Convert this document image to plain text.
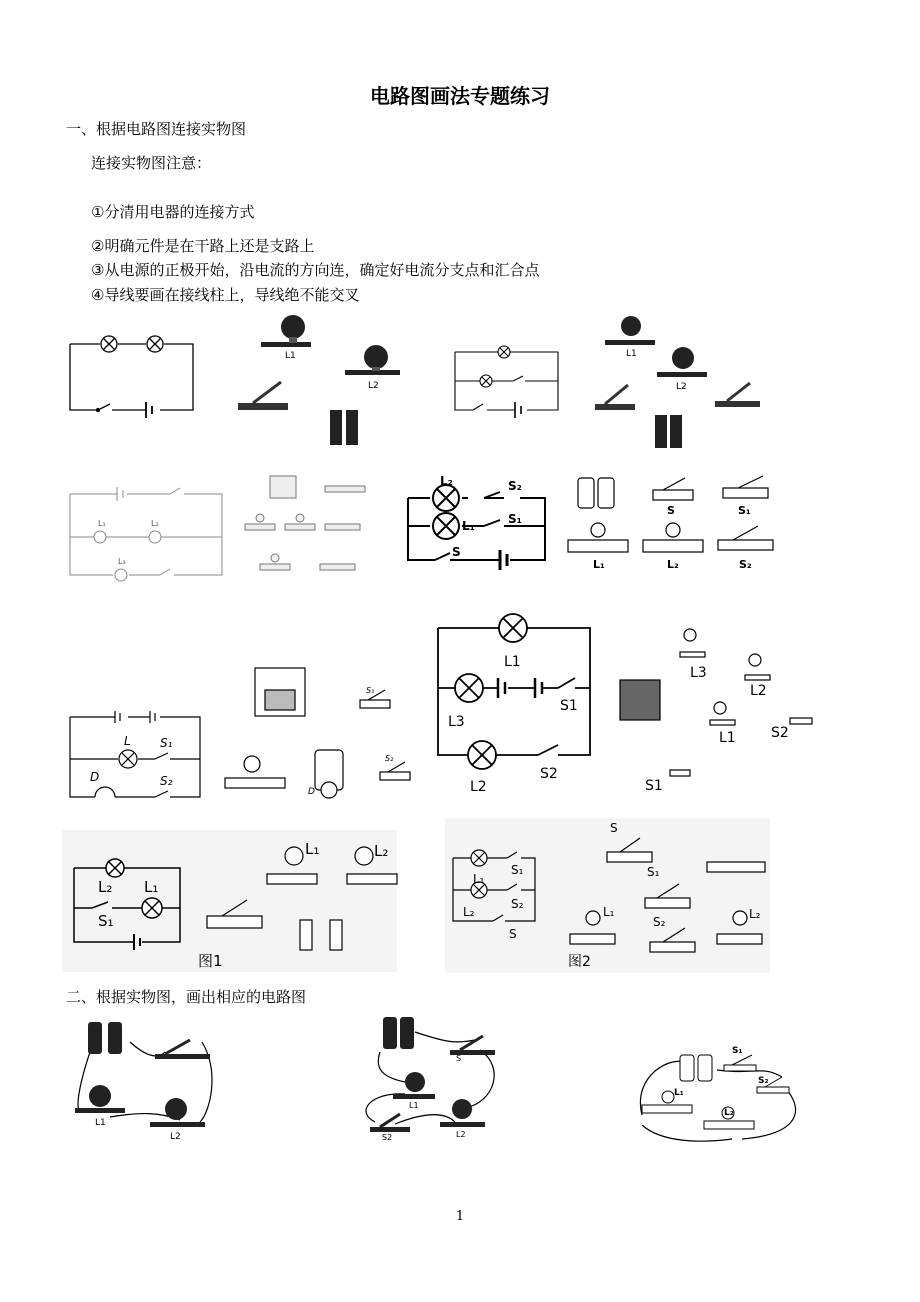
电路图画法专题练习
一、根据电路图连接实物图
连接实物图注意：
①分清用电器的连接方式
②明确元件是在干路上还是支路上
③从电源的正极开始，沿电流的方向连，确定好电流分支点和汇合点
④导线要画在接线柱上，导线绝不能交叉
L1
L2
L1
L2
L₁	L₂
L₃
L₂	S₂
L₁	S₁
S
S	S₁
L₁	L₂	S₂
L S₁
D	S₂
S₁
S₂
D
L1
L3
S1
L2
S2
L3
L2
L1	S2
S1
L₂ L₁
S₁
L₁	L₂
图1
S₁
L₁
L₂
S₂
S
S
S₁
L₁
S₂
L₂
图2
二、根据实物图，画出相应的电路图
L1
L2
S
L1
S2	L2
S₁
S₂
L₁
L₂
1
